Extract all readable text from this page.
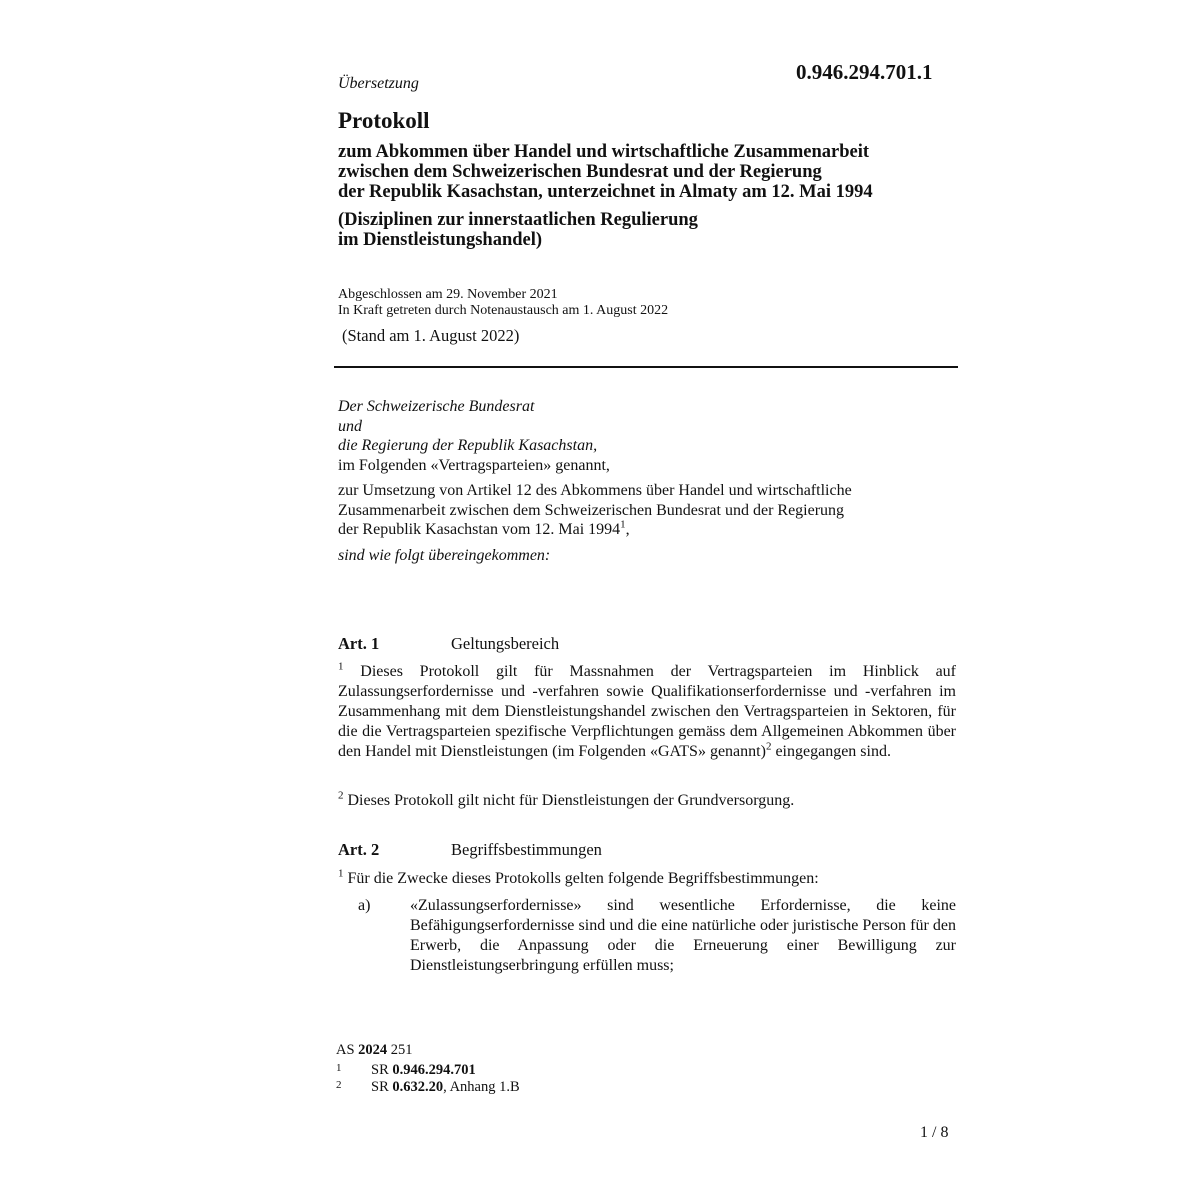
0.946.294.701.1
Übersetzung
Protokoll
zum Abkommen über Handel und wirtschaftliche Zusammenarbeit
zwischen dem Schweizerischen Bundesrat und der Regierung
der Republik Kasachstan, unterzeichnet in Almaty am 12. Mai 1994
(Disziplinen zur innerstaatlichen Regulierung
im Dienstleistungshandel)
Abgeschlossen am 29. November 2021
In Kraft getreten durch Notenaustausch am 1. August 2022
(Stand am 1. August 2022)

Der Schweizerische Bundesrat

und

die Regierung der Republik Kasachstan,

im Folgenden «Vertragsparteien» genannt,

zur Umsetzung von Artikel 12 des Abkommens über Handel und wirtschaftliche
Zusammenarbeit zwischen dem Schweizerischen Bundesrat und der Regierung
der Republik Kasachstan vom 12. Mai 1994$^1$,

sind wie folgt übereingekommen:

Art. 1	Geltungsbereich
$^1$ Dieses Protokoll gilt für Massnahmen der Vertragsparteien im Hinblick auf Zulassungserfordernisse und -verfahren sowie Qualifikationserfordernisse und -verfahren im Zusammenhang mit dem Dienstleistungshandel zwischen den Vertragsparteien in Sektoren, für die die Vertragsparteien spezifische Verpflichtungen gemäss dem Allgemeinen Abkommen über den Handel mit Dienstleistungen (im Folgenden «GATS» genannt)$^2$ eingegangen sind.
$^2$ Dieses Protokoll gilt nicht für Dienstleistungen der Grundversorgung.
Art. 2	Begriffsbestimmungen
$^1$ Für die Zwecke dieses Protokolls gelten folgende Begriffsbestimmungen:
a) «Zulassungserfordernisse» sind wesentliche Erfordernisse, die keine Befähigungserfordernisse sind und die eine natürliche oder juristische Person für den Erwerb, die Anpassung oder die Erneuerung einer Bewilligung zur Dienstleistungserbringung erfüllen muss;
AS 2024 251
1 SR 0.946.294.701
2 SR 0.632.20, Anhang 1.B
1 / 8
